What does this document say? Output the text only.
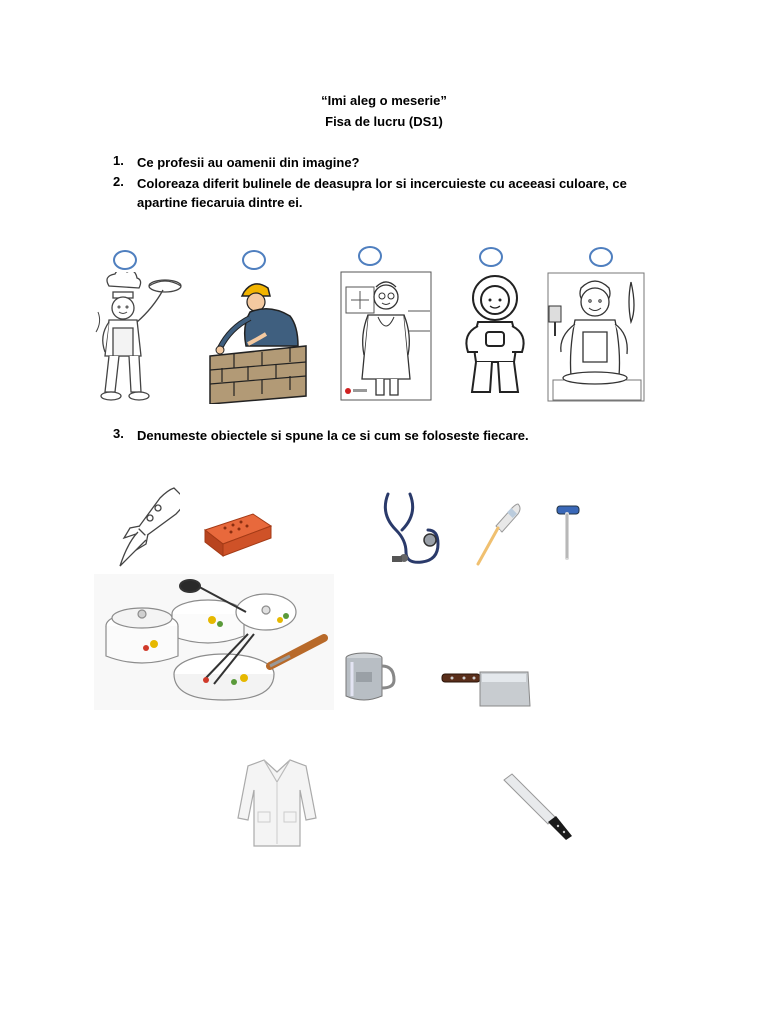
“Imi aleg o meserie”
Fisa de lucru (DS1)
1. Ce profesii au oamenii din imagine?
2. Coloreaza diferit bulinele de deasupra lor si incercuieste cu aceeasi culoare, ce apartine fiecaruia dintre ei.
3. Denumeste obiectele si spune la ce si cum se foloseste fiecare.
